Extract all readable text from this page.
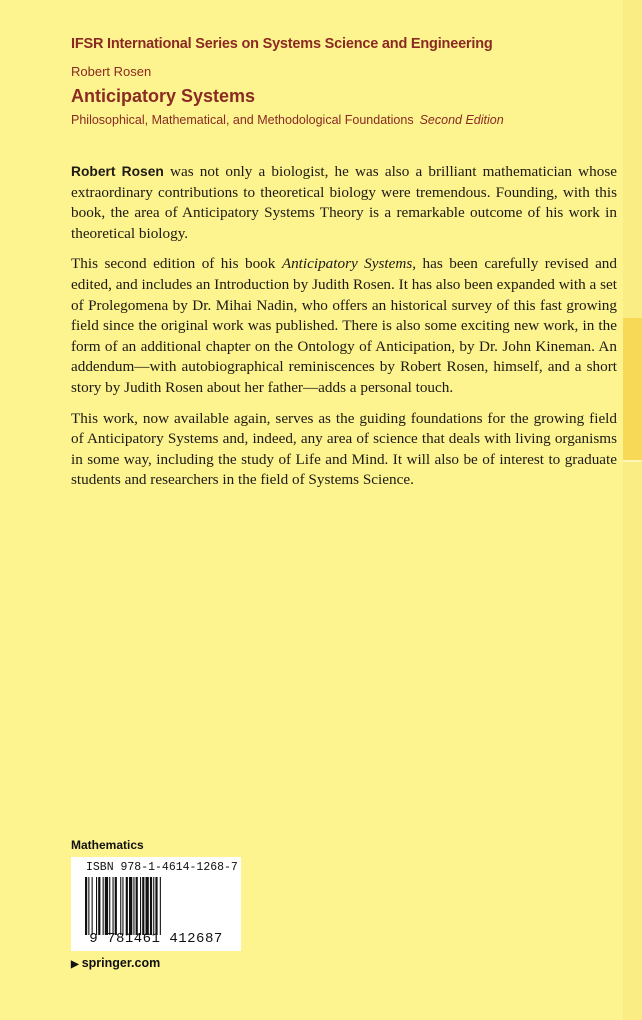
IFSR International Series on Systems Science and Engineering
Robert Rosen
Anticipatory Systems
Philosophical, Mathematical, and Methodological Foundations Second Edition

Robert Rosen was not only a biologist, he was also a brilliant mathematician whose extraordinary contributions to theoretical biology were tremendous. Founding, with this book, the area of Anticipatory Systems Theory is a remarkable outcome of his work in theoretical biology.

This second edition of his book Anticipatory Systems, has been carefully revised and edited, and includes an Introduction by Judith Rosen. It has also been expanded with a set of Prolegomena by Dr. Mihai Nadin, who offers an historical survey of this fast growing field since the original work was published. There is also some exciting new work, in the form of an additional chapter on the Ontology of Anticipation, by Dr. John Kineman. An addendum—with autobiographical reminiscences by Robert Rosen, himself, and a short story by Judith Rosen about her father—adds a personal touch.

This work, now available again, serves as the guiding foundations for the growing field of Anticipatory Systems and, indeed, any area of science that deals with living organisms in some way, including the study of Life and Mind. It will also be of interest to graduate students and researchers in the field of Systems Science.

Mathematics
ISBN 978-1-4614-1268-7
9 781461 412687
▶ springer.com
